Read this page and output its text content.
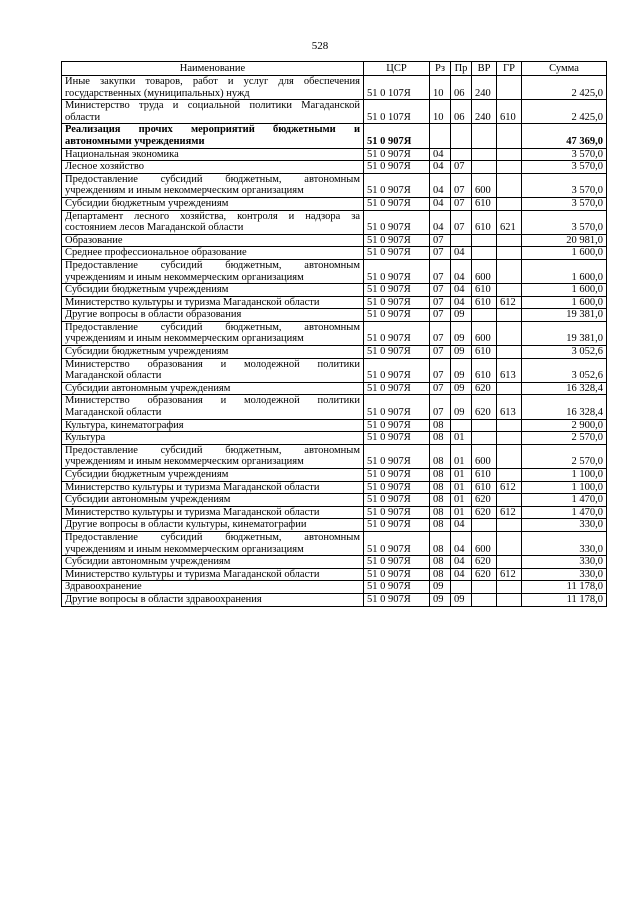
528
Наименование	ЦСР	Рз	Пр	ВР	ГР	Сумма
Иные закупки товаров, работ и услуг для обеспечения государственных (муниципальных) нужд	51 0 107Я	10	06	240		2 425,0
Министерство труда и социальной политики Магаданской области	51 0 107Я	10	06	240	610	2 425,0
Реализация прочих мероприятий бюджетными и автономными учреждениями	51 0 907Я					47 369,0
Национальная экономика	51 0 907Я	04				3 570,0
Лесное хозяйство	51 0 907Я	04	07			3 570,0
Предоставление субсидий бюджетным, автономным учреждениям и иным некоммерческим организациям	51 0 907Я	04	07	600		3 570,0
Субсидии бюджетным учреждениям	51 0 907Я	04	07	610		3 570,0
Департамент лесного хозяйства, контроля и надзора за состоянием лесов Магаданской области	51 0 907Я	04	07	610	621	3 570,0
Образование	51 0 907Я	07				20 981,0
Среднее профессиональное образование	51 0 907Я	07	04			1 600,0
Предоставление субсидий бюджетным, автономным учреждениям и иным некоммерческим организациям	51 0 907Я	07	04	600		1 600,0
Субсидии бюджетным учреждениям	51 0 907Я	07	04	610		1 600,0
Министерство культуры и туризма Магаданской области	51 0 907Я	07	04	610	612	1 600,0
Другие вопросы в области образования	51 0 907Я	07	09			19 381,0
Предоставление субсидий бюджетным, автономным учреждениям и иным некоммерческим организациям	51 0 907Я	07	09	600		19 381,0
Субсидии бюджетным учреждениям	51 0 907Я	07	09	610		3 052,6
Министерство образования и молодежной политики Магаданской области	51 0 907Я	07	09	610	613	3 052,6
Субсидии автономным учреждениям	51 0 907Я	07	09	620		16 328,4
Министерство образования и молодежной политики Магаданской области	51 0 907Я	07	09	620	613	16 328,4
Культура, кинематография	51 0 907Я	08				2 900,0
Культура	51 0 907Я	08	01			2 570,0
Предоставление субсидий бюджетным, автономным учреждениям и иным некоммерческим организациям	51 0 907Я	08	01	600		2 570,0
Субсидии бюджетным учреждениям	51 0 907Я	08	01	610		1 100,0
Министерство культуры и туризма Магаданской области	51 0 907Я	08	01	610	612	1 100,0
Субсидии автономным учреждениям	51 0 907Я	08	01	620		1 470,0
Министерство культуры и туризма Магаданской области	51 0 907Я	08	01	620	612	1 470,0
Другие вопросы в области культуры, кинематографии	51 0 907Я	08	04			330,0
Предоставление субсидий бюджетным, автономным учреждениям и иным некоммерческим организациям	51 0 907Я	08	04	600		330,0
Субсидии автономным учреждениям	51 0 907Я	08	04	620		330,0
Министерство культуры и туризма Магаданской области	51 0 907Я	08	04	620	612	330,0
Здравоохранение	51 0 907Я	09				11 178,0
Другие вопросы в области здравоохранения	51 0 907Я	09	09			11 178,0
